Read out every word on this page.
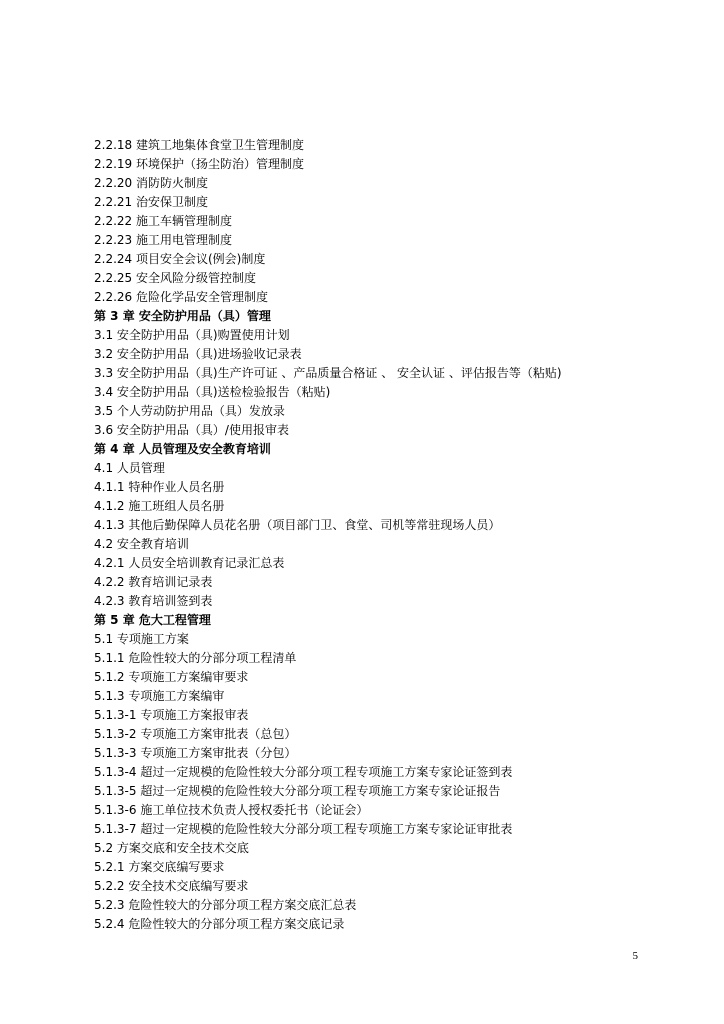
2.2.18 建筑工地集体食堂卫生管理制度
2.2.19 环境保护（扬尘防治）管理制度
2.2.20 消防防火制度
2.2.21 治安保卫制度
2.2.22 施工车辆管理制度
2.2.23 施工用电管理制度
2.2.24 项目安全会议(例会)制度
2.2.25 安全风险分级管控制度
2.2.26 危险化学品安全管理制度
第 3 章 安全防护用品（具）管理
3.1 安全防护用品（具)购置使用计划
3.2 安全防护用品（具)进场验收记录表
3.3 安全防护用品（具)生产许可证 、产品质量合格证 、 安全认证 、评估报告等（粘贴)
3.4 安全防护用品（具)送检检验报告（粘贴)
3.5 个人劳动防护用品（具）发放录
3.6 安全防护用品（具）/使用报审表
第 4 章 人员管理及安全教育培训
4.1 人员管理
4.1.1 特种作业人员名册
4.1.2 施工班组人员名册
4.1.3 其他后勤保障人员花名册（项目部门卫、食堂、司机等常驻现场人员）
4.2 安全教育培训
4.2.1 人员安全培训教育记录汇总表
4.2.2 教育培训记录表
4.2.3 教育培训签到表
第 5 章 危大工程管理
5.1 专项施工方案
5.1.1 危险性较大的分部分项工程清单
5.1.2 专项施工方案编审要求
5.1.3 专项施工方案编审
5.1.3-1 专项施工方案报审表
5.1.3-2 专项施工方案审批表（总包）
5.1.3-3 专项施工方案审批表（分包）
5.1.3-4 超过一定规模的危险性较大分部分项工程专项施工方案专家论证签到表
5.1.3-5 超过一定规模的危险性较大分部分项工程专项施工方案专家论证报告
5.1.3-6 施工单位技术负责人授权委托书（论证会）
5.1.3-7 超过一定规模的危险性较大分部分项工程专项施工方案专家论证审批表
5.2 方案交底和安全技术交底
5.2.1 方案交底编写要求
5.2.2 安全技术交底编写要求
5.2.3 危险性较大的分部分项工程方案交底汇总表
5.2.4 危险性较大的分部分项工程方案交底记录
5
